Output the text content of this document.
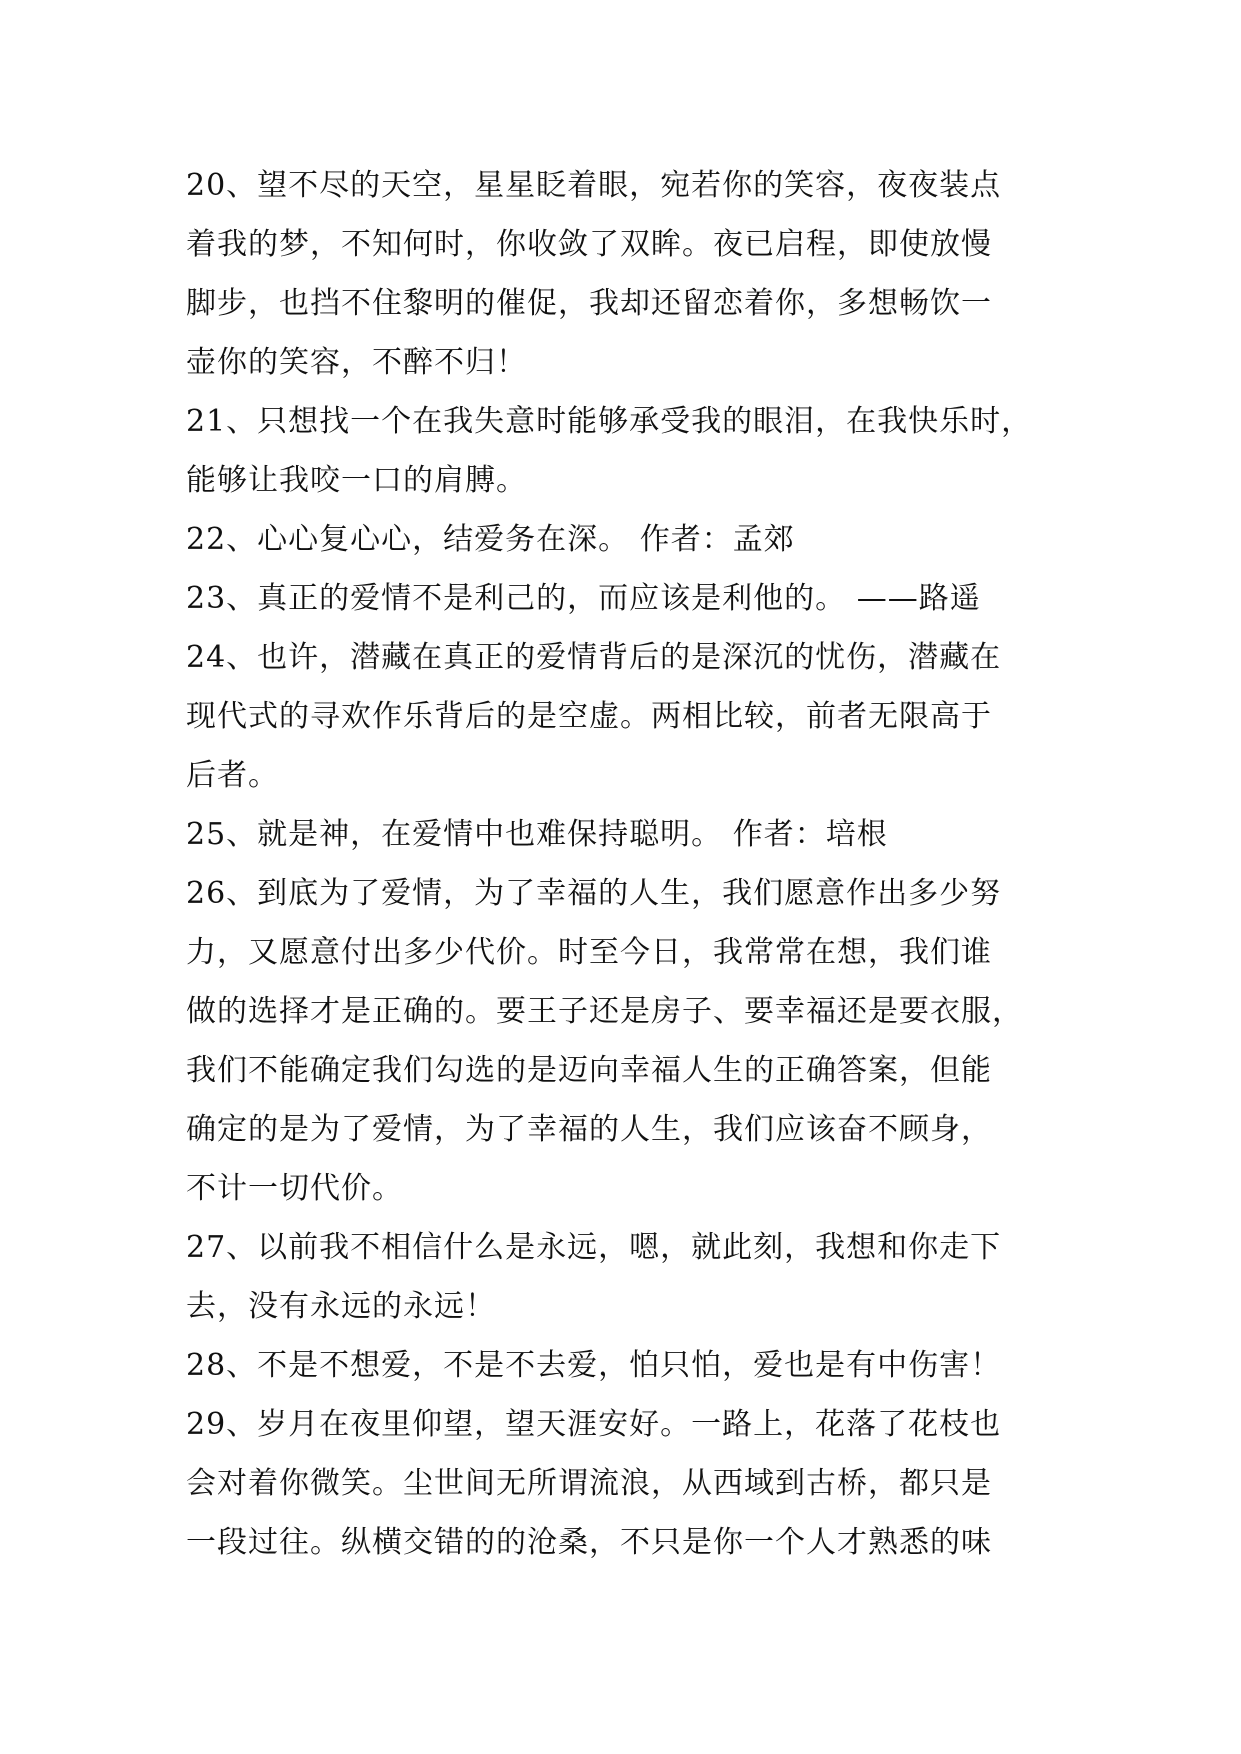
20、望不尽的天空，星星眨着眼，宛若你的笑容，夜夜装点
着我的梦，不知何时，你收敛了双眸。夜已启程，即使放慢
脚步，也挡不住黎明的催促，我却还留恋着你，多想畅饮一
壶你的笑容，不醉不归！
21、只想找一个在我失意时能够承受我的眼泪，在我快乐时，
能够让我咬一口的肩膊。
22、心心复心心，结爱务在深。 作者：孟郊
23、真正的爱情不是利己的，而应该是利他的。 ——路遥
24、也许，潜藏在真正的爱情背后的是深沉的忧伤，潜藏在
现代式的寻欢作乐背后的是空虚。两相比较，前者无限高于
后者。
25、就是神，在爱情中也难保持聪明。 作者：培根
26、到底为了爱情，为了幸福的人生，我们愿意作出多少努
力，又愿意付出多少代价。时至今日，我常常在想，我们谁
做的选择才是正确的。要王子还是房子、要幸福还是要衣服，
我们不能确定我们勾选的是迈向幸福人生的正确答案，但能
确定的是为了爱情，为了幸福的人生，我们应该奋不顾身，
不计一切代价。
27、以前我不相信什么是永远，嗯，就此刻，我想和你走下
去，没有永远的永远！
28、不是不想爱，不是不去爱，怕只怕，爱也是有中伤害！
29、岁月在夜里仰望，望天涯安好。一路上，花落了花枝也
会对着你微笑。尘世间无所谓流浪，从西域到古桥，都只是
一段过往。纵横交错的的沧桑，不只是你一个人才熟悉的味
